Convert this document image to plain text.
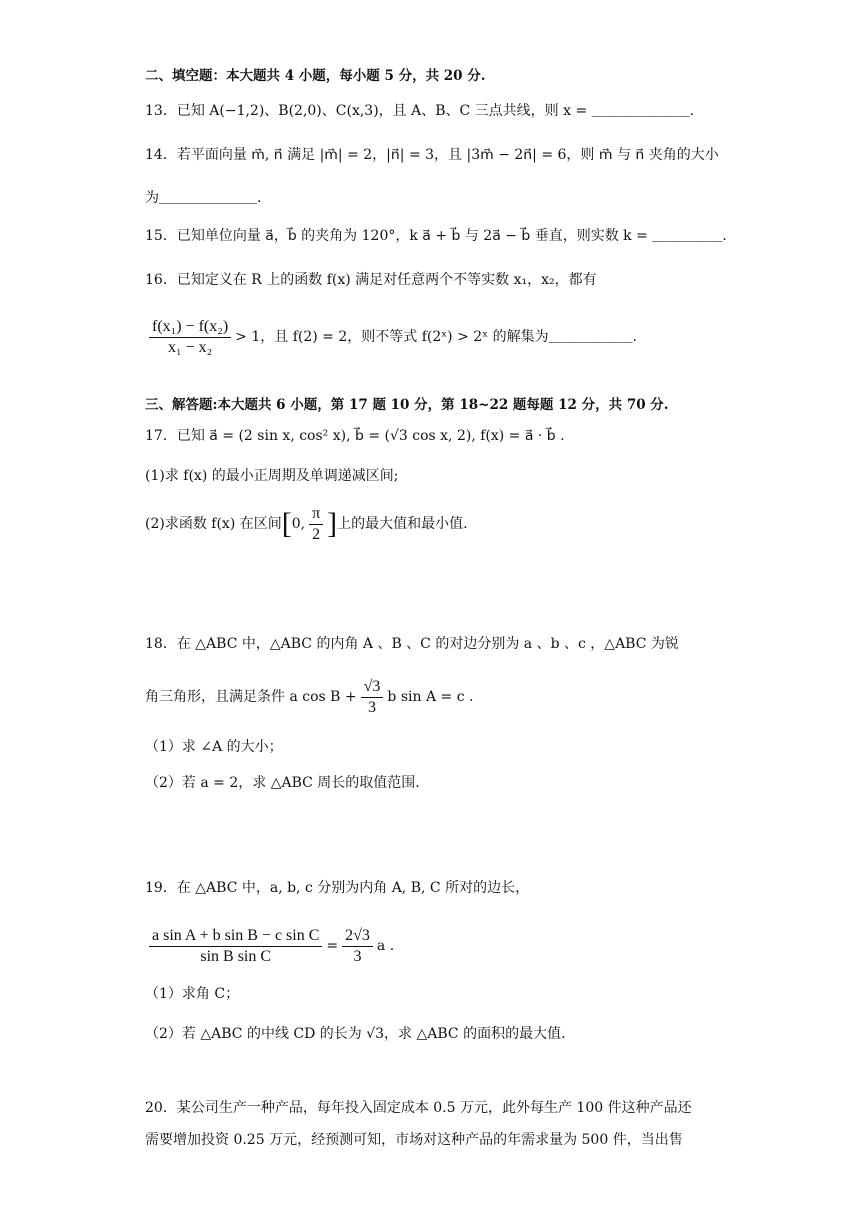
二、填空题：本大题共 4 小题，每小题 5 分，共 20 分.
13．已知 A(−1,2)、B(2,0)、C(x,3)，且 A、B、C 三点共线，则 x = ＿＿＿＿＿＿＿.
14．若平面向量 m⃗, n⃗ 满足 |m⃗| = 2，|n⃗| = 3，且 |3m⃗ − 2n⃗| = 6，则 m⃗ 与 n⃗ 夹角的大小
为＿＿＿＿＿＿＿.
15．已知单位向量 a⃗，b⃗ 的夹角为 120°，k a⃗ + b⃗ 与 2a⃗ − b⃗ 垂直，则实数 k = ＿＿＿＿＿.
16．已知定义在 R 上的函数 f(x) 满足对任意两个不等实数 x₁，x₂，都有
$\frac{\text{f(x₁) − f(x₂)}}{\text{x₁ − x₂}} > 1$，且 f(2) = 2，则不等式 f(2ˣ) > 2ˣ 的解集为＿＿＿＿＿＿.
三、解答题:本大题共 6 小题，第 17 题 10 分，第 18~22 题每题 12 分，共 70 分.
17．已知 a⃗ = (2 sin x, cos² x), b⃗ = (√3 cos x, 2), f(x) = a⃗ · b⃗ .
(1)求 f(x) 的最小正周期及单调递减区间;
(2)求函数 f(x) 在区间 [ 0, $\frac{\pi}{2}$ ] 上的最大值和最小值.
18．在 △ABC 中，△ABC 的内角 A 、B 、C 的对边分别为 a 、b 、c ，△ABC 为锐
角三角形，且满足条件 a $\cos B + \frac{√3}{3}$ b sin A = c .
（1）求 ∠A 的大小；
（2）若 a = 2，求 △ABC 周长的取值范围.
19．在 △ABC 中，a, b, c 分别为内角 A, B, C 所对的边长，
$\frac{\text{a sin A + b sin B − c sin C}}{\text{sin B sin C}} = \frac{2√3}{3}$ a .
（1）求角 C；
（2）若 △ABC 的中线 CD 的长为 √3，求 △ABC 的面积的最大值.
20．某公司生产一种产品，每年投入固定成本 0.5 万元，此外每生产 100 件这种产品还
需要增加投资 0.25 万元，经预测可知，市场对这种产品的年需求量为 500 件，当出售
